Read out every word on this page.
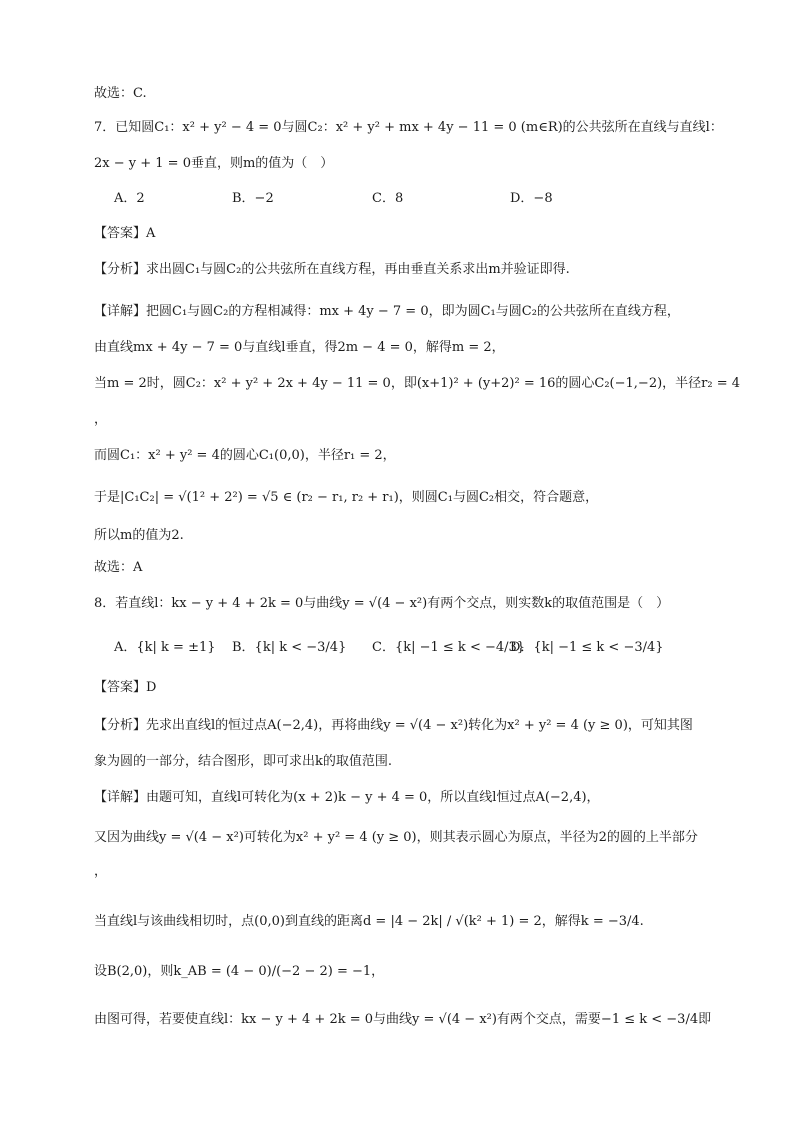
故选：C.
7．已知圆C₁：x² + y² − 4 = 0与圆C₂：x² + y² + mx + 4y − 11 = 0 (m∈R)的公共弦所在直线与直线l：
2x − y + 1 = 0垂直，则m的值为（　）
A．2	B．−2	C．8	D．−8
【答案】A
【分析】求出圆C₁与圆C₂的公共弦所在直线方程，再由垂直关系求出m并验证即得.
【详解】把圆C₁与圆C₂的方程相减得：mx + 4y − 7 = 0，即为圆C₁与圆C₂的公共弦所在直线方程，
由直线mx + 4y − 7 = 0与直线l垂直，得2m − 4 = 0，解得m = 2，
当m = 2时，圆C₂：x² + y² + 2x + 4y − 11 = 0，即(x+1)² + (y+2)² = 16的圆心C₂(−1,−2)，半径r₂ = 4
，
而圆C₁：x² + y² = 4的圆心C₁(0,0)，半径r₁ = 2，
于是|C₁C₂| = √(1² + 2²) = √5 ∈ (r₂ − r₁, r₂ + r₁)，则圆C₁与圆C₂相交，符合题意，
所以m的值为2.
故选：A
8．若直线l：kx − y + 4 + 2k = 0与曲线y = √(4 − x²)有两个交点，则实数k的取值范围是（　）
A．{k| k = ±1} B．{k| k < −3/4} C．{k| −1 ≤ k < −4/3}
D．{k| −1 ≤ k < −3/4}
【答案】D
【分析】先求出直线l的恒过点A(−2,4)，再将曲线y = √(4 − x²)转化为x² + y² = 4 (y ≥ 0)，可知其图
象为圆的一部分，结合图形，即可求出k的取值范围.
【详解】由题可知，直线l可转化为(x + 2)k − y + 4 = 0，所以直线l恒过点A(−2,4)，
又因为曲线y = √(4 − x²)可转化为x² + y² = 4 (y ≥ 0)，则其表示圆心为原点，半径为2的圆的上半部分
，
当直线l与该曲线相切时，点(0,0)到直线的距离d = |4 − 2k| / √(k² + 1) = 2，解得k = −3/4.
设B(2,0)，则k_AB = (4 − 0)/(−2 − 2) = −1，
由图可得，若要使直线l：kx − y + 4 + 2k = 0与曲线y = √(4 − x²)有两个交点，需要−1 ≤ k < −3/4即
